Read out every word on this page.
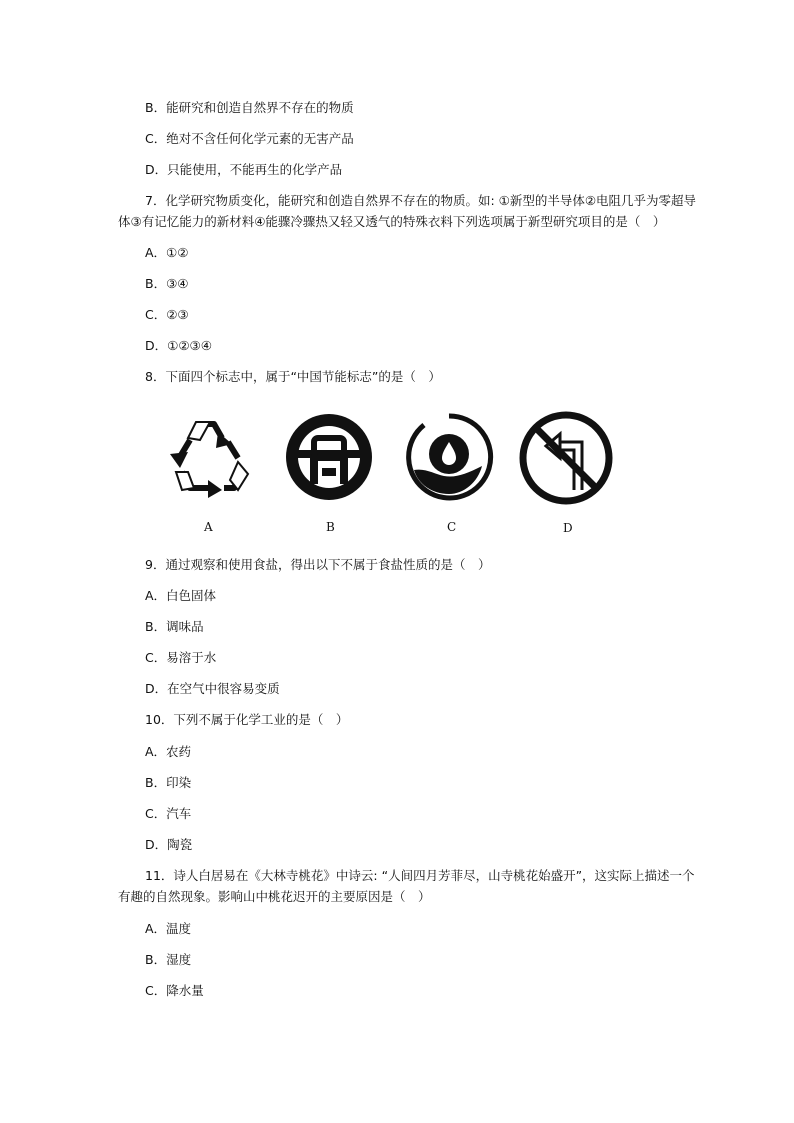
B．能研究和创造自然界不存在的物质
C．绝对不含任何化学元素的无害产品
D．只能使用，不能再生的化学产品
7．化学研究物质变化，能研究和创造自然界不存在的物质。如: ①新型的半导体②电阻几乎为零超导
体③有记忆能力的新材料④能骤冷骤热又轻又透气的特殊衣料下列选项属于新型研究项目的是（　）
A．①②
B．③④
C．②③
D．①②③④
8．下面四个标志中，属于“中国节能标志”的是（　）
A	B	C	D
9．通过观察和使用食盐，得出以下不属于食盐性质的是（　）
A．白色固体
B．调味品
C．易溶于水
D．在空气中很容易变质
10．下列不属于化学工业的是（　）
A．农药
B．印染
C．汽车
D．陶瓷
11．诗人白居易在《大林寺桃花》中诗云: “人间四月芳菲尽，山寺桃花始盛开”，这实际上描述一个
有趣的自然现象。影响山中桃花迟开的主要原因是（　）
A．温度
B．湿度
C．降水量
